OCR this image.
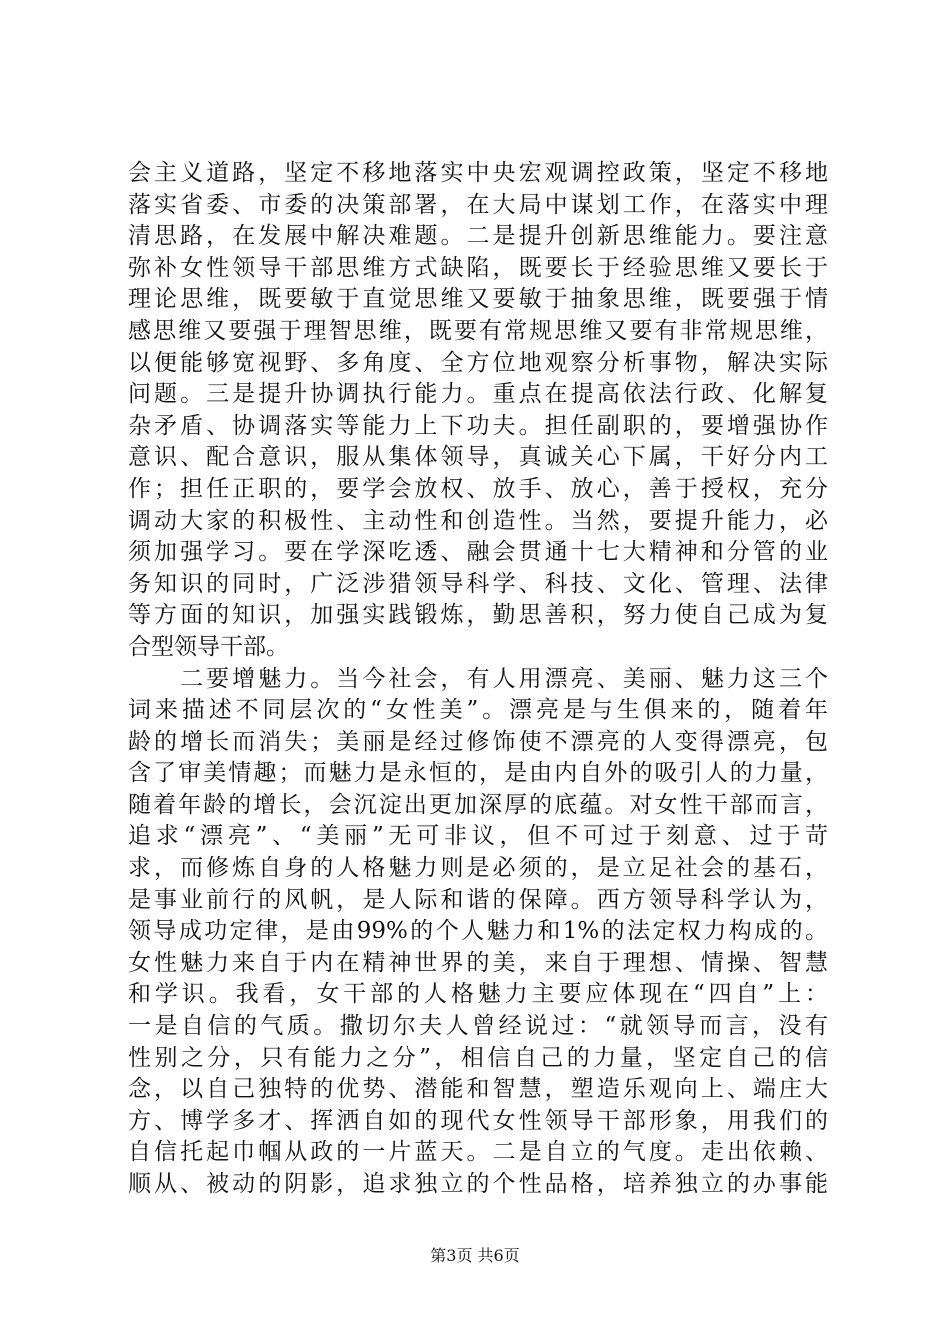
会主义道路，坚定不移地落实中央宏观调控政策，坚定不移地
落实省委、市委的决策部署，在大局中谋划工作，在落实中理
清思路，在发展中解决难题。二是提升创新思维能力。要注意
弥补女性领导干部思维方式缺陷，既要长于经验思维又要长于
理论思维，既要敏于直觉思维又要敏于抽象思维，既要强于情
感思维又要强于理智思维，既要有常规思维又要有非常规思维，
以便能够宽视野、多角度、全方位地观察分析事物，解决实际
问题。三是提升协调执行能力。重点在提高依法行政、化解复
杂矛盾、协调落实等能力上下功夫。担任副职的，要增强协作
意识、配合意识，服从集体领导，真诚关心下属，干好分内工
作；担任正职的，要学会放权、放手、放心，善于授权，充分
调动大家的积极性、主动性和创造性。当然，要提升能力，必
须加强学习。要在学深吃透、融会贯通十七大精神和分管的业
务知识的同时，广泛涉猎领导科学、科技、文化、管理、法律
等方面的知识，加强实践锻炼，勤思善积，努力使自己成为复
合型领导干部。
　　二要增魅力。当今社会，有人用漂亮、美丽、魅力这三个
词来描述不同层次的“女性美”。漂亮是与生俱来的，随着年
龄的增长而消失；美丽是经过修饰使不漂亮的人变得漂亮，包
含了审美情趣；而魅力是永恒的，是由内自外的吸引人的力量，
随着年龄的增长，会沉淀出更加深厚的底蕴。对女性干部而言，
追求“漂亮”、“美丽”无可非议，但不可过于刻意、过于苛
求，而修炼自身的人格魅力则是必须的，是立足社会的基石，
是事业前行的风帆，是人际和谐的保障。西方领导科学认为，
领导成功定律，是由99%的个人魅力和1%的法定权力构成的。
女性魅力来自于内在精神世界的美，来自于理想、情操、智慧
和学识。我看，女干部的人格魅力主要应体现在“四自”上：
一是自信的气质。撒切尔夫人曾经说过：“就领导而言，没有
性别之分，只有能力之分”，相信自己的力量，坚定自己的信
念，以自己独特的优势、潜能和智慧，塑造乐观向上、端庄大
方、博学多才、挥洒自如的现代女性领导干部形象，用我们的
自信托起巾帼从政的一片蓝天。二是自立的气度。走出依赖、
顺从、被动的阴影，追求独立的个性品格，培养独立的办事能
第3页 共6页
